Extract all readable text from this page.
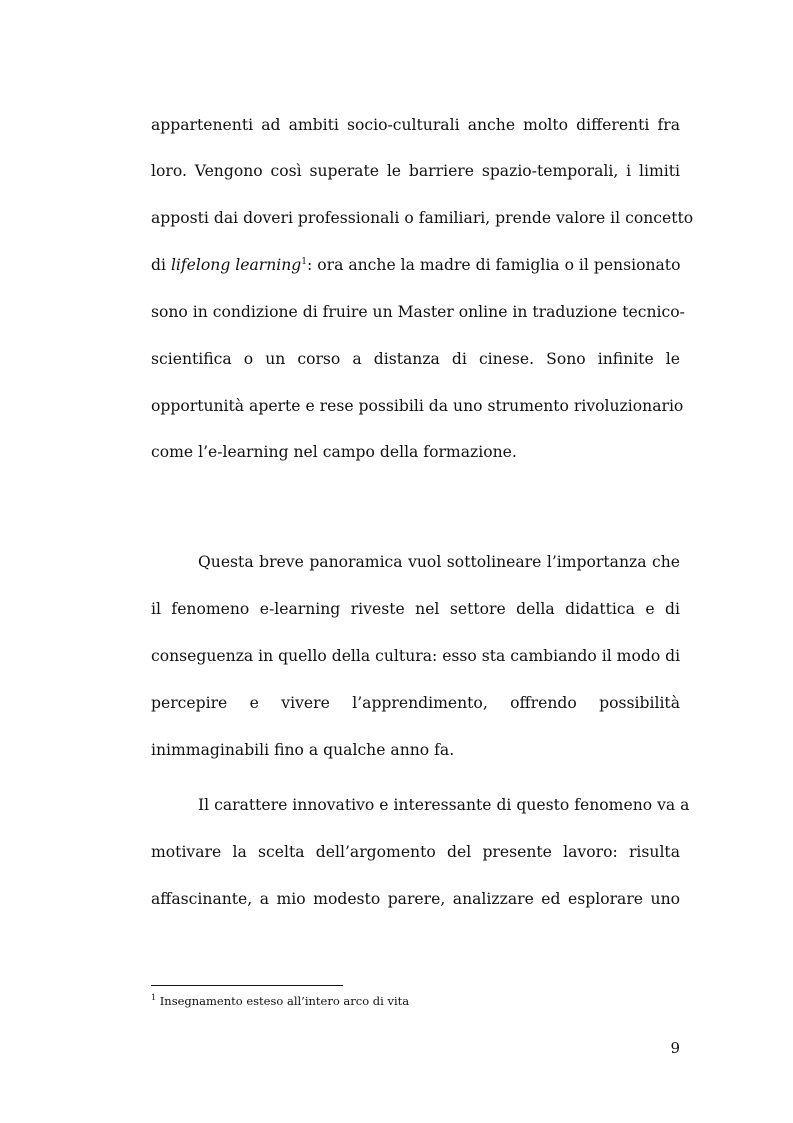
appartenenti ad ambiti socio-culturali anche molto differenti fra
loro. Vengono così superate le barriere spazio-temporali, i limiti
apposti dai doveri professionali o familiari, prende valore il concetto
di lifelong learning$^1$: ora anche la madre di famiglia o il pensionato
sono in condizione di fruire un Master online in traduzione tecnico-
scientifica o un corso a distanza di cinese. Sono infinite le
opportunità aperte e rese possibili da uno strumento rivoluzionario
come l’e-learning nel campo della formazione.
Questa breve panoramica vuol sottolineare l’importanza che
il fenomeno e-learning riveste nel settore della didattica e di
conseguenza in quello della cultura: esso sta cambiando il modo di
percepire e vivere l’apprendimento, offrendo possibilità
inimmaginabili fino a qualche anno fa.
Il carattere innovativo e interessante di questo fenomeno va a
motivare la scelta dell’argomento del presente lavoro: risulta
affascinante, a mio modesto parere, analizzare ed esplorare uno
$^1$ Insegnamento esteso all’intero arco di vita
9
